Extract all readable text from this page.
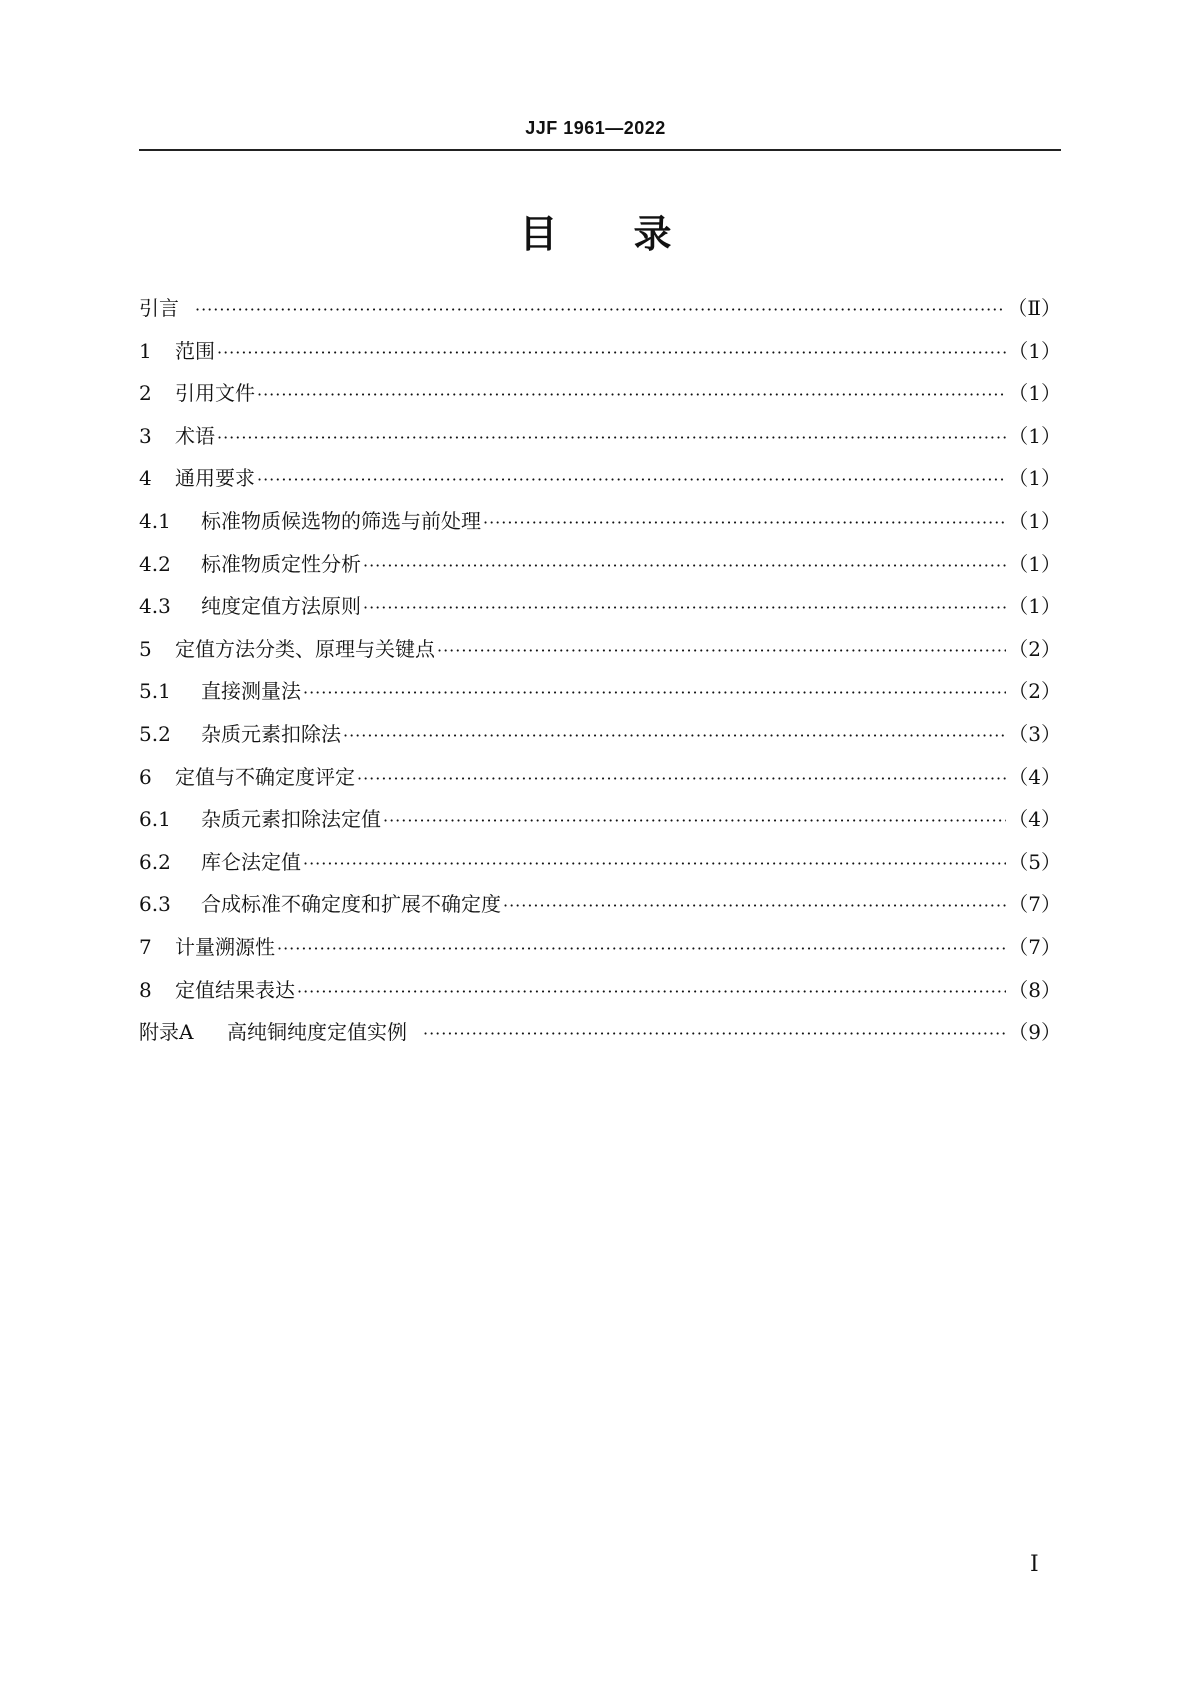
JJF 1961—2022
目 录
引言 ·····	（Ⅱ）
1	范围 ·····	（1）
2	引用文件 ·····	（1）
3	术语 ·····	（1）
4	通用要求 ·····	（1）
4.1	标准物质候选物的筛选与前处理 ·····	（1）
4.2	标准物质定性分析 ·····	（1）
4.3	纯度定值方法原则 ·····	（1）
5	定值方法分类、原理与关键点 ·····	（2）
5.1	直接测量法 ·····	（2）
5.2	杂质元素扣除法 ·····	（3）
6	定值与不确定度评定 ·····	（4）
6.1	杂质元素扣除法定值 ·····	（4）
6.2	库仑法定值 ·····	（5）
6.3	合成标准不确定度和扩展不确定度 ·····	（7）
7	计量溯源性 ·····	（7）
8	定值结果表达 ·····	（8）
附录A	高纯铜纯度定值实例 ·····	（9）
Ⅰ
